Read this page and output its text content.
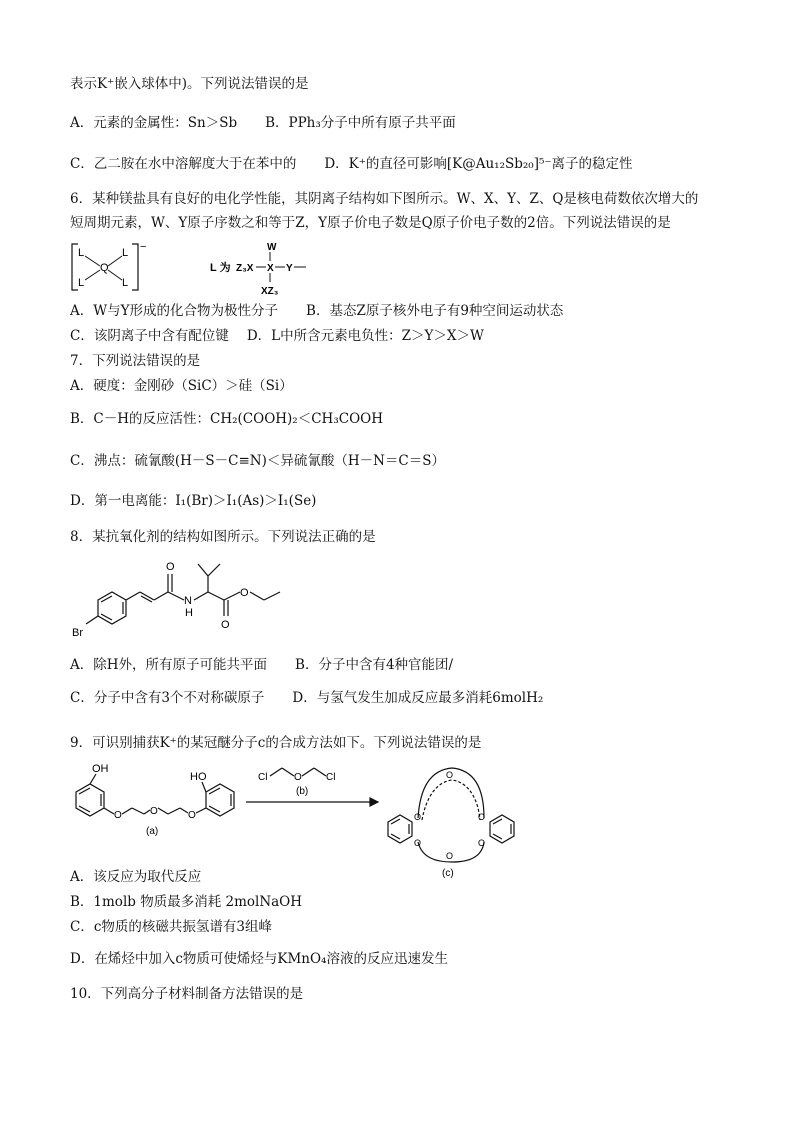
表示K⁺嵌入球体中)。下列说法错误的是
A．元素的金属性：Sn＞Sb B．PPh₃分子中所有原子共平面
C．乙二胺在水中溶解度大于在苯中的 D．K⁺的直径可影响[K@Au₁₂Sb₂₀]⁵⁻离子的稳定性
6．某种镁盐具有良好的电化学性能，其阴离子结构如下图所示。W、X、Y、Z、Q是核电荷数依次增大的
短周期元素，W、Y原子序数之和等于Z，Y原子价电子数是Q原子价电子数的2倍。下列说法错误的是
−
L	L
L	L
Q	L 为 Z₃X X
W
XZ₃
Y
A．W与Y形成的化合物为极性分子 B．基态Z原子核外电子有9种空间运动状态
C．该阴离子中含有配位键 D．L中所含元素电负性：Z＞Y＞X＞W
7．下列说法错误的是
A．硬度：金刚砂（SiC）＞硅（Si）
B．C－H的反应活性：CH₂(COOH)₂＜CH₃COOH
C．沸点：硫氰酸(H－S－C≡N)＜异硫氰酸（H－N＝C＝S）
D．第一电离能：I₁(Br)＞I₁(As)＞I₁(Se)
8．某抗氧化剂的结构如图所示。下列说法正确的是
O
N
H
O
O
Br
A．除H外，所有原子可能共平面 B．分子中含有4种官能团/
C．分子中含有3个不对称碳原子 D．与氢气发生加成反应最多消耗6molH₂
9．可识别捕获K⁺的某冠醚分子c的合成方法如下。下列说法错误的是
OH
HO
O	O	O
(a)
Cl	O Cl
(b)
O	O
O	O
O
O
(c)
A．该反应为取代反应
B．1molb 物质最多消耗 2molNaOH
C．c物质的核磁共振氢谱有3组峰
D．在烯烃中加入c物质可使烯烃与KMnO₄溶液的反应迅速发生
10．下列高分子材料制备方法错误的是
